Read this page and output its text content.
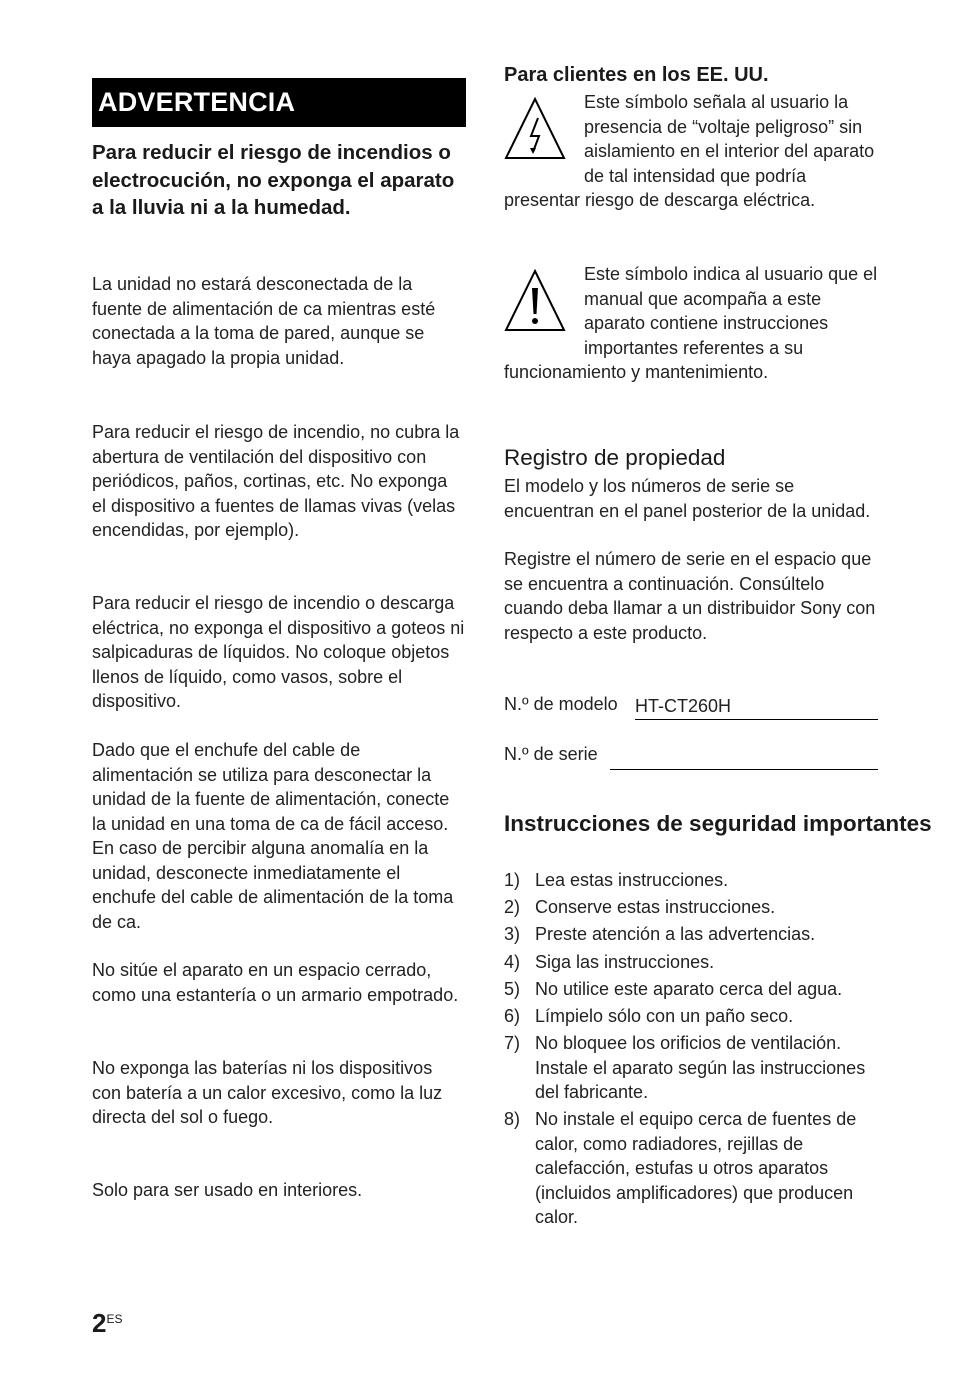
ADVERTENCIA

Para reducir el riesgo de incendios o electrocución, no exponga el aparato a la lluvia ni a la humedad.

La unidad no estará desconectada de la fuente de alimentación de ca mientras esté conectada a la toma de pared, aunque se haya apagado la propia unidad.

Para reducir el riesgo de incendio, no cubra la abertura de ventilación del dispositivo con periódicos, paños, cortinas, etc. No exponga el dispositivo a fuentes de llamas vivas (velas encendidas, por ejemplo).

Para reducir el riesgo de incendio o descarga eléctrica, no exponga el dispositivo a goteos ni salpicaduras de líquidos. No coloque objetos llenos de líquido, como vasos, sobre el dispositivo.

Dado que el enchufe del cable de alimentación se utiliza para desconectar la unidad de la fuente de alimentación, conecte la unidad en una toma de ca de fácil acceso. En caso de percibir alguna anomalía en la unidad, desconecte inmediatamente el enchufe del cable de alimentación de la toma de ca.

No sitúe el aparato en un espacio cerrado, como una estantería o un armario empotrado.

No exponga las baterías ni los dispositivos con batería a un calor excesivo, como la luz directa del sol o fuego.

Solo para ser usado en interiores.

Para clientes en los EE. UU.

Este símbolo señala al usuario la presencia de “voltaje peligroso” sin aislamiento en el interior del aparato de tal intensidad que podría presentar riesgo de descarga eléctrica.

Este símbolo indica al usuario que el manual que acompaña a este aparato contiene instrucciones importantes referentes a su funcionamiento y mantenimiento.

Registro de propiedad

El modelo y los números de serie se encuentran en el panel posterior de la unidad.

Registre el número de serie en el espacio que se encuentra a continuación. Consúltelo cuando deba llamar a un distribuidor Sony con respecto a este producto.

N.º de modelo HT-CT260H
N.º de serie

Instrucciones de seguridad importantes

1) Lea estas instrucciones.
2) Conserve estas instrucciones.
3) Preste atención a las advertencias.
4) Siga las instrucciones.
5) No utilice este aparato cerca del agua.
6) Límpielo sólo con un paño seco.
7) No bloquee los orificios de ventilación. Instale el aparato según las instrucciones del fabricante.
8) No instale el equipo cerca de fuentes de calor, como radiadores, rejillas de calefacción, estufas u otros aparatos (incluidos amplificadores) que producen calor.
$2^{ES}$
